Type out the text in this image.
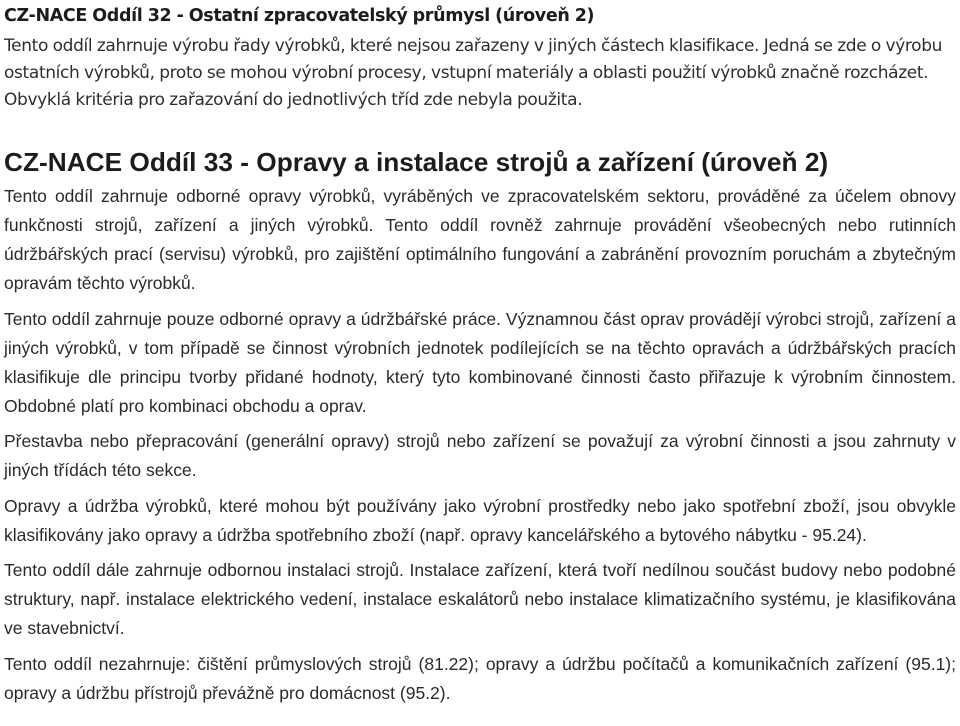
CZ-NACE Oddíl 32 - Ostatní zpracovatelský průmysl (úroveň 2)

Tento oddíl zahrnuje výrobu řady výrobků, které nejsou zařazeny v jiných částech klasifikace. Jedná se zde o výrobu ostatních výrobků, proto se mohou výrobní procesy, vstupní materiály a oblasti použití výrobků značně rozcházet. Obvyklá kritéria pro zařazování do jednotlivých tříd zde nebyla použita.

CZ-NACE Oddíl 33 - Opravy a instalace strojů a zařízení (úroveň 2)

Tento oddíl zahrnuje odborné opravy výrobků, vyráběných ve zpracovatelském sektoru, prováděné za účelem obnovy funkčnosti strojů, zařízení a jiných výrobků. Tento oddíl rovněž zahrnuje provádění všeobecných nebo rutinních údržbářských prací (servisu) výrobků, pro zajištění optimálního fungování a zabránění provozním poruchám a zbytečným opravám těchto výrobků.

Tento oddíl zahrnuje pouze odborné opravy a údržbářské práce. Významnou část oprav provádějí výrobci strojů, zařízení a jiných výrobků, v tom případě se činnost výrobních jednotek podílejících se na těchto opravách a údržbářských pracích klasifikuje dle principu tvorby přidané hodnoty, který tyto kombinované činnosti často přiřazuje k výrobním činnostem. Obdobné platí pro kombinaci obchodu a oprav.

Přestavba nebo přepracování (generální opravy) strojů nebo zařízení se považují za výrobní činnosti a jsou zahrnuty v jiných třídách této sekce.

Opravy a údržba výrobků, které mohou být používány jako výrobní prostředky nebo jako spotřební zboží, jsou obvykle klasifikovány jako opravy a údržba spotřebního zboží (např. opravy kancelářského a bytového nábytku - 95.24).

Tento oddíl dále zahrnuje odbornou instalaci strojů. Instalace zařízení, která tvoří nedílnou součást budovy nebo podobné struktury, např. instalace elektrického vedení, instalace eskalátorů nebo instalace klimatizačního systému, je klasifikována ve stavebnictví.

Tento oddíl nezahrnuje: čištění průmyslových strojů (81.22); opravy a údržbu počítačů a komunikačních zařízení (95.1); opravy a údržbu přístrojů převážně pro domácnost (95.2).
